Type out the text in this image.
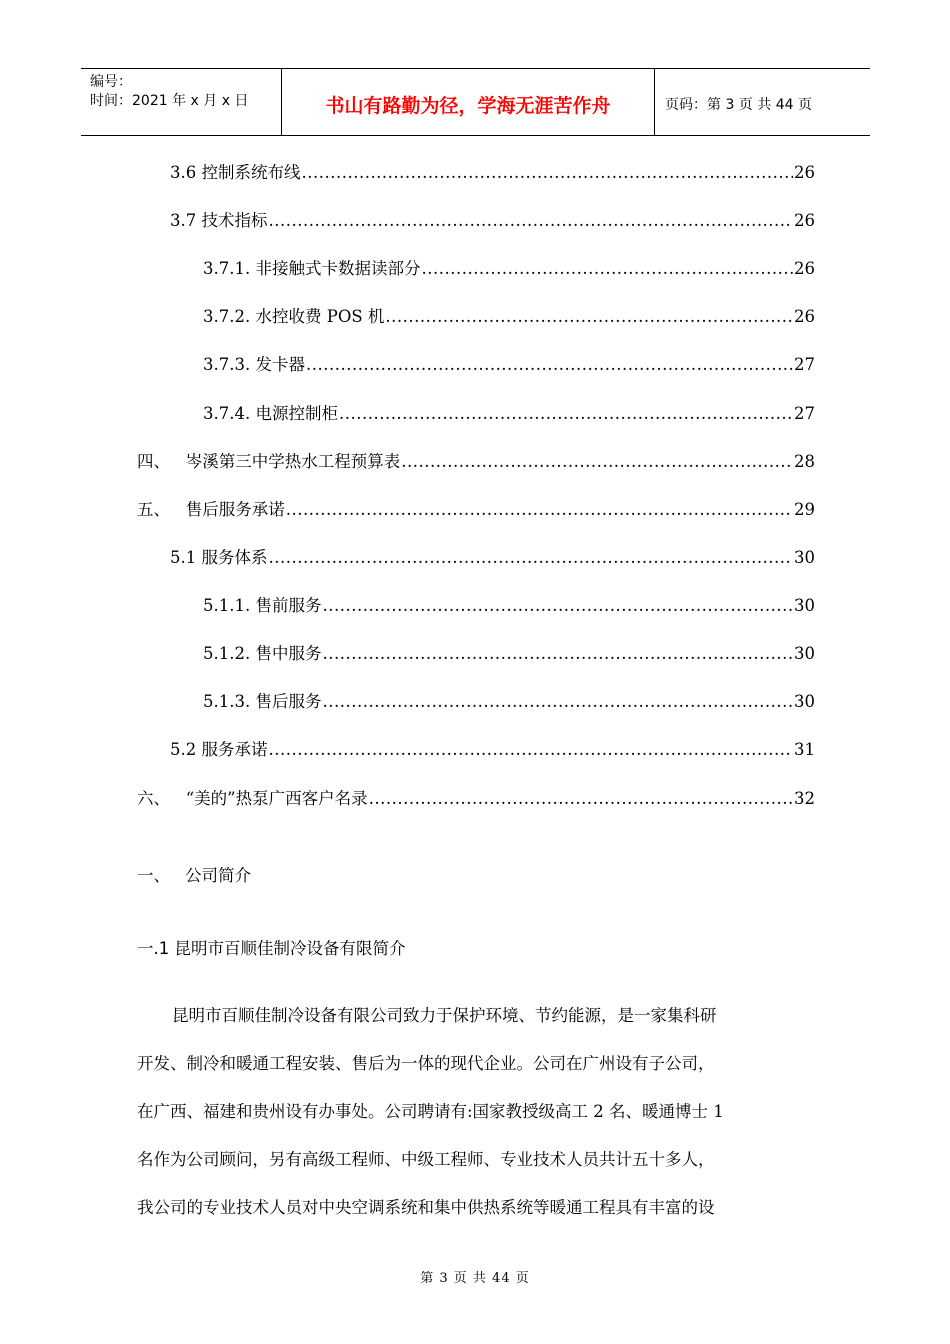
编号：
时间：2021 年 x 月 x 日	书山有路勤为径，学海无涯苦作舟	页码：第 3 页 共 44 页
3.6 控制系统布线 .....	26
3.7 技术指标 .....	26
3.7.1. 非接触式卡数据读部分 .....	26
3.7.2. 水控收费 POS 机 .....	26
3.7.3. 发卡器 .....	27
3.7.4. 电源控制柜 .....	27
四、   岑溪第三中学热水工程预算表 .....	28
五、   售后服务承诺 .....	29
5.1 服务体系 .....	30
5.1.1. 售前服务 .....	30
5.1.2. 售中服务 .....	30
5.1.3. 售后服务 .....	30
5.2 服务承诺 .....	31
六、   “美的”热泵广西客户名录 .....	32
一、 公司简介
一.1 昆明市百顺佳制冷设备有限简介
昆明市百顺佳制冷设备有限公司致力于保护环境、节约能源，是一家集科研
开发、制冷和暖通工程安装、售后为一体的现代企业。公司在广州设有子公司，
在广西、福建和贵州设有办事处。公司聘请有:国家教授级高工 2 名、暖通博士 1
名作为公司顾问，另有高级工程师、中级工程师、专业技术人员共计五十多人，
我公司的专业技术人员对中央空调系统和集中供热系统等暖通工程具有丰富的设
第 3 页 共 44 页
